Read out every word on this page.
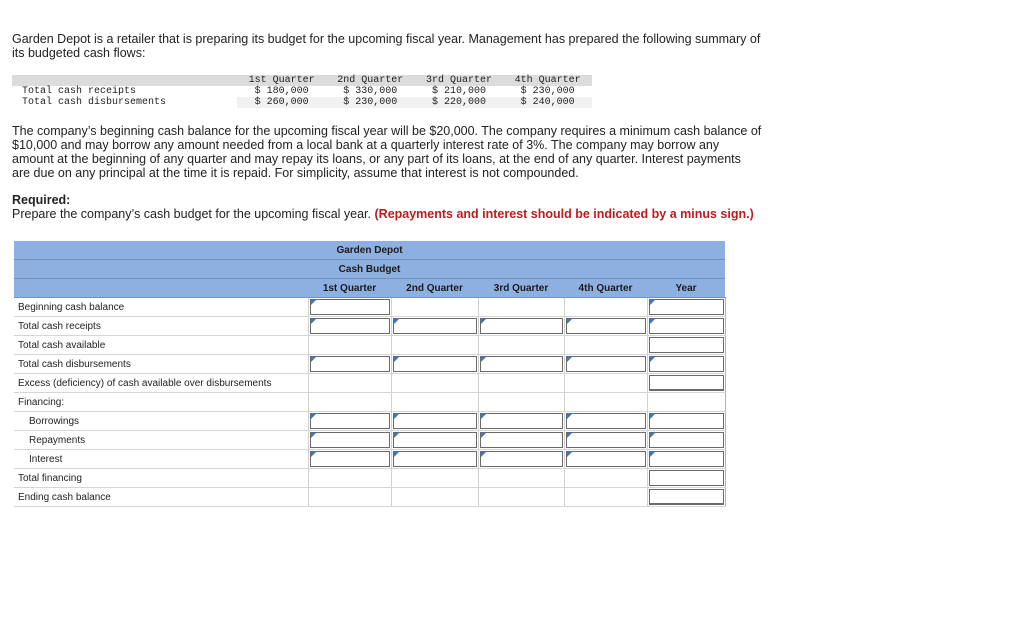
Garden Depot is a retailer that is preparing its budget for the upcoming fiscal year. Management has prepared the following summary of its budgeted cash flows:

	1st Quarter	2nd Quarter	3rd Quarter	4th Quarter
Total cash receipts	$ 180,000	$ 330,000	$ 210,000	$ 230,000
Total cash disbursements	$ 260,000	$ 230,000	$ 220,000	$ 240,000

The company’s beginning cash balance for the upcoming fiscal year will be $20,000. The company requires a minimum cash balance of $10,000 and may borrow any amount needed from a local bank at a quarterly interest rate of 3%. The company may borrow any amount at the beginning of any quarter and may repay its loans, or any part of its loans, at the end of any quarter. Interest payments are due on any principal at the time it is repaid. For simplicity, assume that interest is not compounded.

Required:

Prepare the company’s cash budget for the upcoming fiscal year. (Repayments and interest should be indicated by a minus sign.)

Garden Depot					
Cash Budget					
	1st Quarter	2nd Quarter	3rd Quarter	4th Quarter	Year
Beginning cash balance	

Total cash receipts	

Total cash available					

Total cash disbursements	

Excess (deficiency) of cash available over disbursements					

Financing:					
Borrowings	

Repayments	

Interest	

Total financing					

Ending cash balance					
